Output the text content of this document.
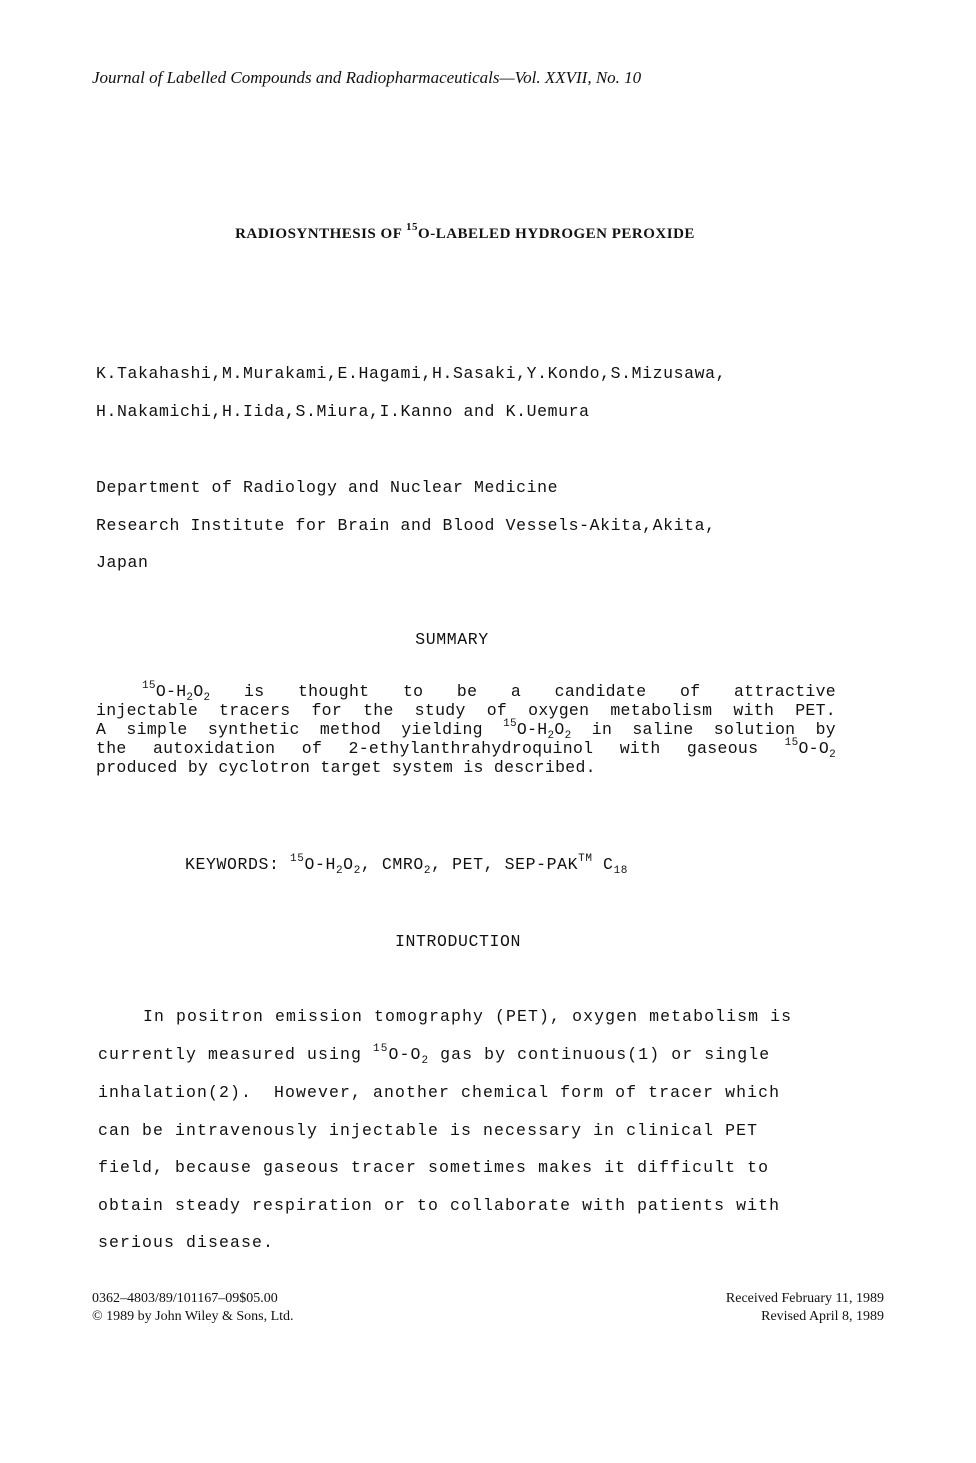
Journal of Labelled Compounds and Radiopharmaceuticals—Vol. XXVII, No. 10
RADIOSYNTHESIS OF $^{15}$O-LABELED HYDROGEN PEROXIDE
K.Takahashi,M.Murakami,E.Hagami,H.Sasaki,Y.Kondo,S.Mizusawa,
H.Nakamichi,H.Iida,S.Miura,I.Kanno and K.Uemura
Department of Radiology and Nuclear Medicine
Research Institute for Brain and Blood Vessels-Akita,Akita,
Japan
SUMMARY

$^{15}O-H_2O_2$ is thought to be a candidate of attractive

injectable tracers for the study of oxygen metabolism with PET.

A simple synthetic method yielding $^{15}O-H_2O_2$ in saline solution by

the autoxidation of 2-ethylanthrahydroquinol with gaseous $^{15}O-O_2$

produced by cyclotron target system is described.

KEYWORDS: $^{15}O-H_2O_2$, $CMRO_2$, PET, SEP-PAK™ $C_{18}$

INTRODUCTION
In positron emission tomography (PET), oxygen metabolism is
currently measured using $^{15}O-O_2$ gas by continuous(1) or single
inhalation(2).  However, another chemical form of tracer which
can be intravenously injectable is necessary in clinical PET
field, because gaseous tracer sometimes makes it difficult to
obtain steady respiration or to collaborate with patients with
serious disease.
0362–4803/89/101167–09$05.00
© 1989 by John Wiley & Sons, Ltd.
Received February 11, 1989
Revised April 8, 1989
